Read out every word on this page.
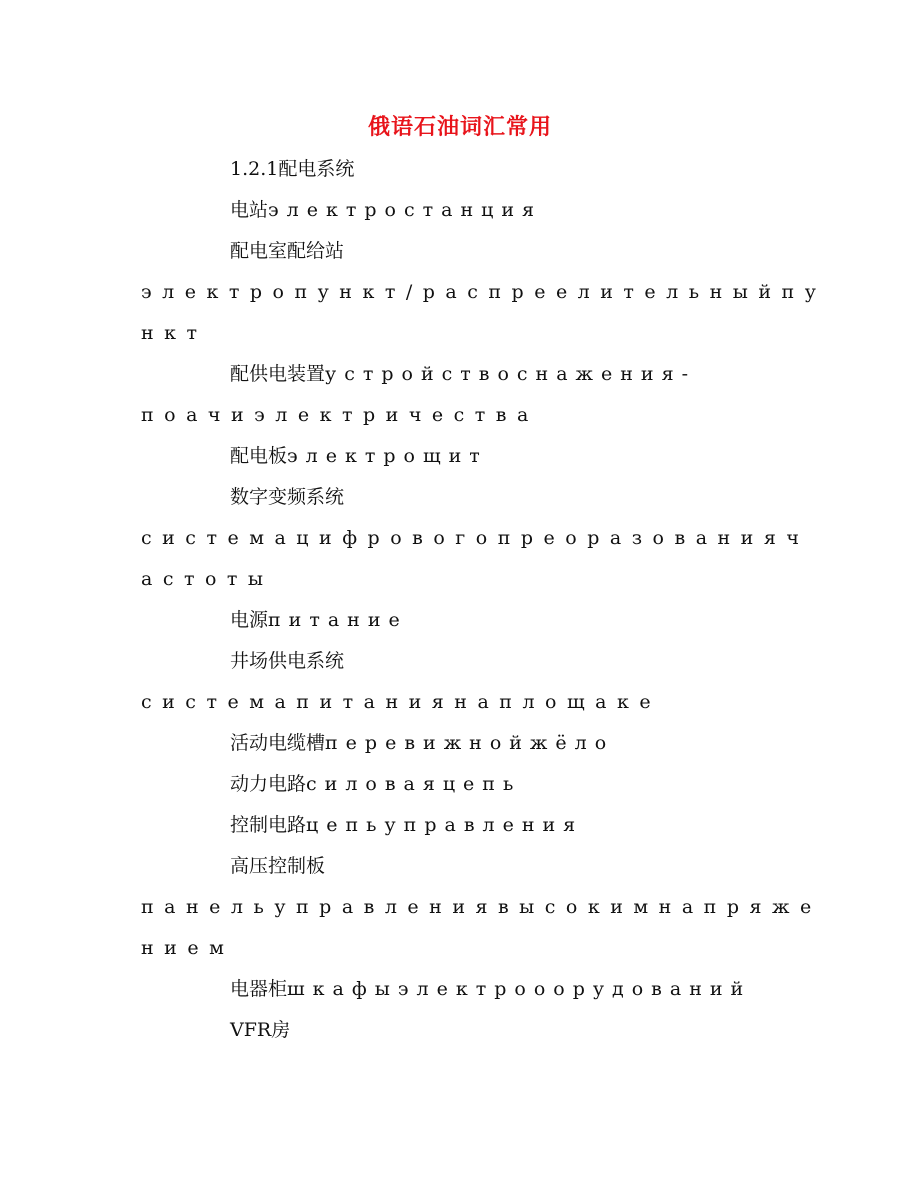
俄语石油词汇常用
1.2.1配电系统
电站электростанция
配电室配给站
электропункт/распреелительныйпу
нкт
配供电装置устройствоснажения-
поачиэлектричества
配电板электрощит
数字变频系统
системацифровогопреоразованияч
астоты
电源питание
井场供电系统
системапитаниянаплощаке
活动电缆槽перевижнойжёло
动力电路силоваяцепь
控制电路цепьуправления
高压控制板
панельуправлениявысокимнапряже
нием
电器柜шкафыэлектрооорудований
VFR房
